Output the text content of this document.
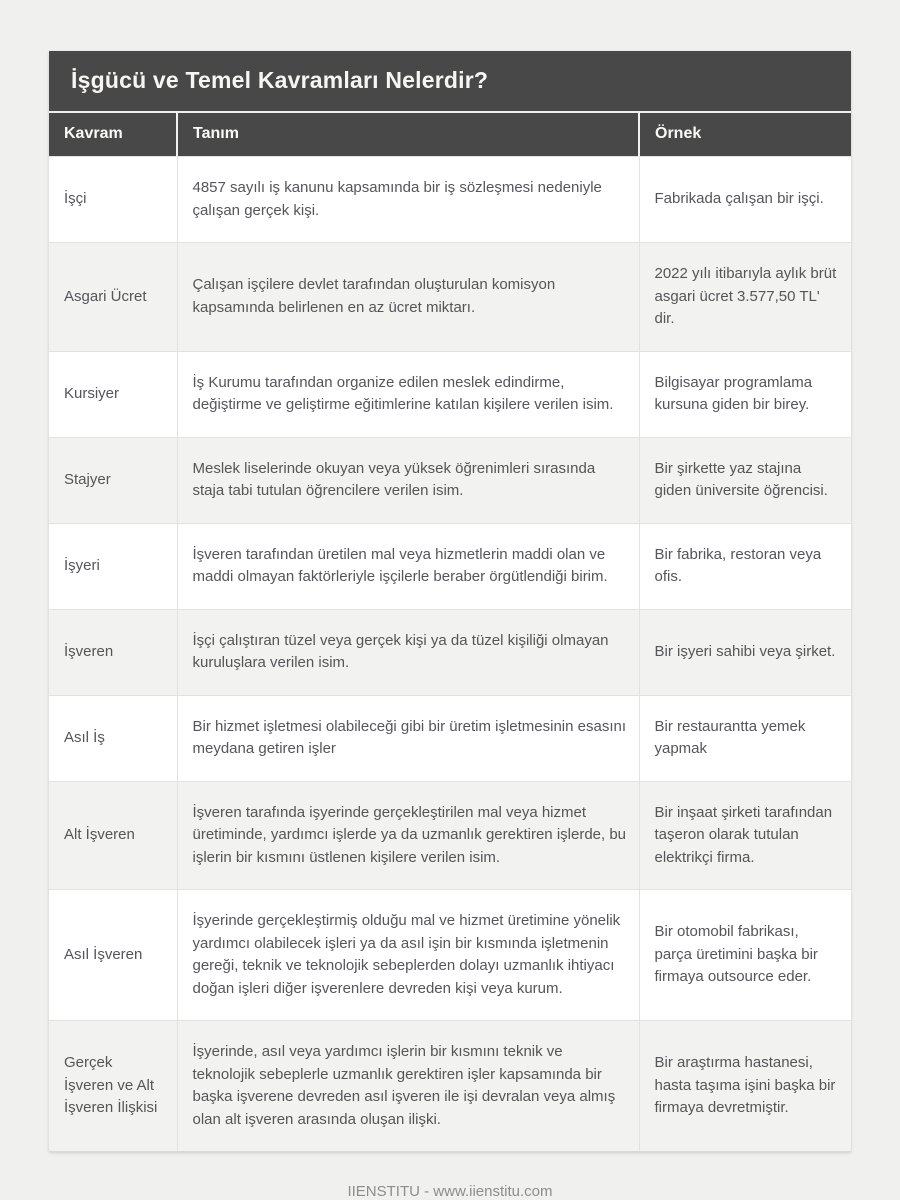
İşgücü ve Temel Kavramları Nelerdir?
Kavram	Tanım	Örnek
İşçi	4857 sayılı iş kanunu kapsamında bir iş sözleşmesi nedeniyle çalışan gerçek kişi.	Fabrikada çalışan bir işçi.
Asgari Ücret	Çalışan işçilere devlet tarafından oluşturulan komisyon kapsamında belirlenen en az ücret miktarı.	2022 yılı itibarıyla aylık brüt asgari ücret 3.577,50 TL' dir.
Kursiyer	İş Kurumu tarafından organize edilen meslek edindirme, değiştirme ve geliştirme eğitimlerine katılan kişilere verilen isim.	Bilgisayar programlama kursuna giden bir birey.
Stajyer	Meslek liselerinde okuyan veya yüksek öğrenimleri sırasında staja tabi tutulan öğrencilere verilen isim.	Bir şirkette yaz stajına giden üniversite öğrencisi.
İşyeri	İşveren tarafından üretilen mal veya hizmetlerin maddi olan ve maddi olmayan faktörleriyle işçilerle beraber örgütlendiği birim.	Bir fabrika, restoran veya ofis.
İşveren	İşçi çalıştıran tüzel veya gerçek kişi ya da tüzel kişiliği olmayan kuruluşlara verilen isim.	Bir işyeri sahibi veya şirket.
Asıl İş	Bir hizmet işletmesi olabileceği gibi bir üretim işletmesinin esasını meydana getiren işler	Bir restaurantta yemek yapmak
Alt İşveren	İşveren tarafında işyerinde gerçekleştirilen mal veya hizmet üretiminde, yardımcı işlerde ya da uzmanlık gerektiren işlerde, bu işlerin bir kısmını üstlenen kişilere verilen isim.	Bir inşaat şirketi tarafından taşeron olarak tutulan elektrikçi firma.
Asıl İşveren	İşyerinde gerçekleştirmiş olduğu mal ve hizmet üretimine yönelik yardımcı olabilecek işleri ya da asıl işin bir kısmında işletmenin gereği, teknik ve teknolojik sebeplerden dolayı uzmanlık ihtiyacı doğan işleri diğer işverenlere devreden kişi veya kurum.	Bir otomobil fabrikası, parça üretimini başka bir firmaya outsource eder.
Gerçek İşveren ve Alt İşveren İlişkisi	İşyerinde, asıl veya yardımcı işlerin bir kısmını teknik ve teknolojik sebeplerle uzmanlık gerektiren işler kapsamında bir başka işverene devreden asıl işveren ile işi devralan veya almış olan alt işveren arasında oluşan ilişki.	Bir araştırma hastanesi, hasta taşıma işini başka bir firmaya devretmiştir.
IIENSTITU - www.iienstitu.com
